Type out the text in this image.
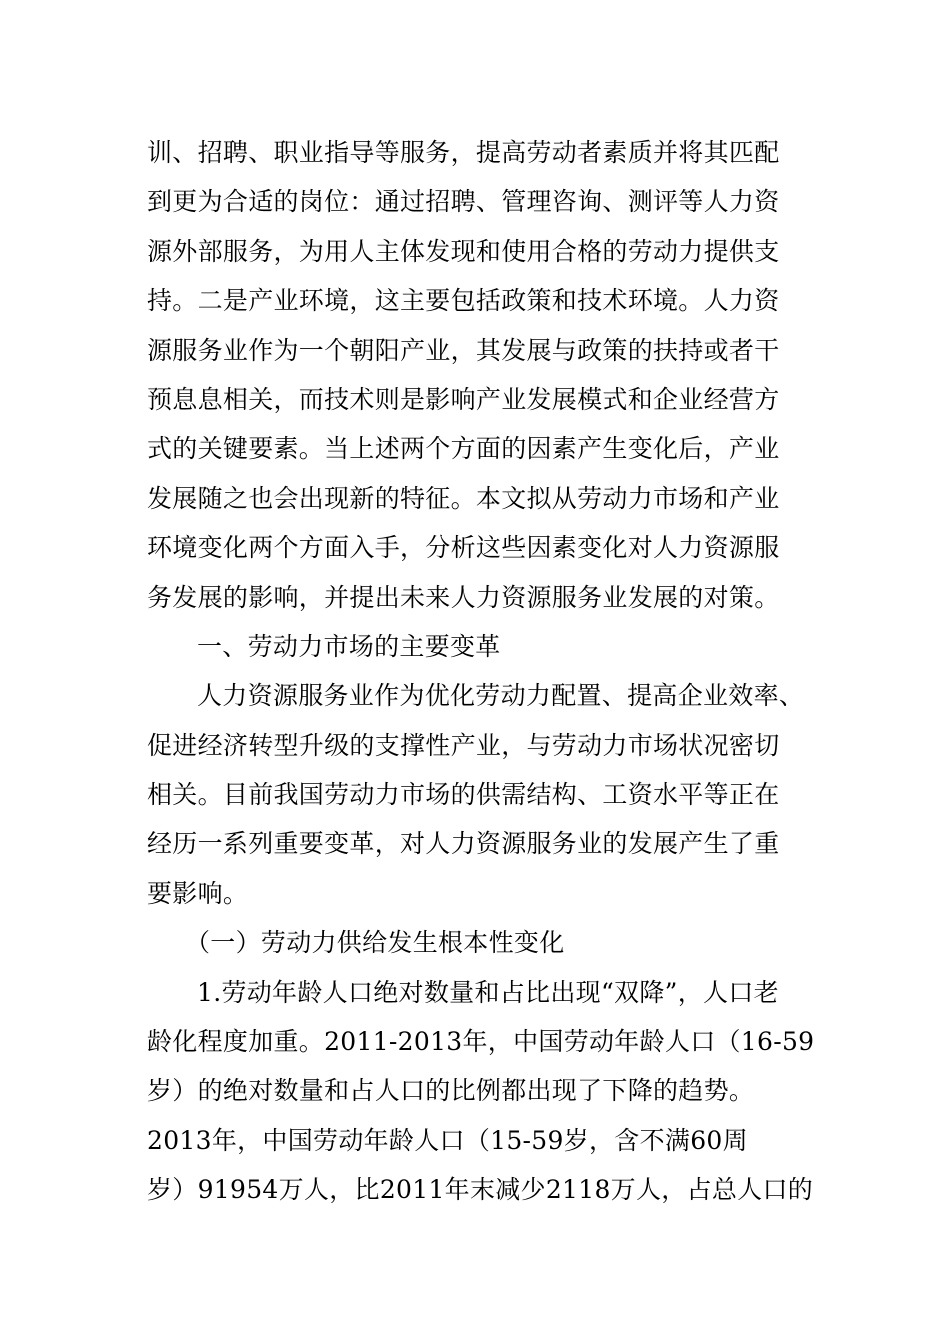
训、招聘、职业指导等服务，提高劳动者素质并将其匹配
到更为合适的岗位：通过招聘、管理咨询、测评等人力资
源外部服务，为用人主体发现和使用合格的劳动力提供支
持。二是产业环境，这主要包括政策和技术环境。人力资
源服务业作为一个朝阳产业，其发展与政策的扶持或者干
预息息相关，而技术则是影响产业发展模式和企业经营方
式的关键要素。当上述两个方面的因素产生变化后，产业
发展随之也会出现新的特征。本文拟从劳动力市场和产业
环境变化两个方面入手，分析这些因素变化对人力资源服
务发展的影响，并提出未来人力资源服务业发展的对策。
一、劳动力市场的主要变革
人力资源服务业作为优化劳动力配置、提高企业效率、
促进经济转型升级的支撑性产业，与劳动力市场状况密切
相关。目前我国劳动力市场的供需结构、工资水平等正在
经历一系列重要变革，对人力资源服务业的发展产生了重
要影响。
（一）劳动力供给发生根本性变化
1.劳动年龄人口绝对数量和占比出现“双降”，人口老
龄化程度加重。2011-2013年，中国劳动年龄人口（16-59
岁）的绝对数量和占人口的比例都出现了下降的趋势。
2013年，中国劳动年龄人口（15-59岁，含不满60周
岁）91954万人，比2011年末减少2118万人，占总人口的
